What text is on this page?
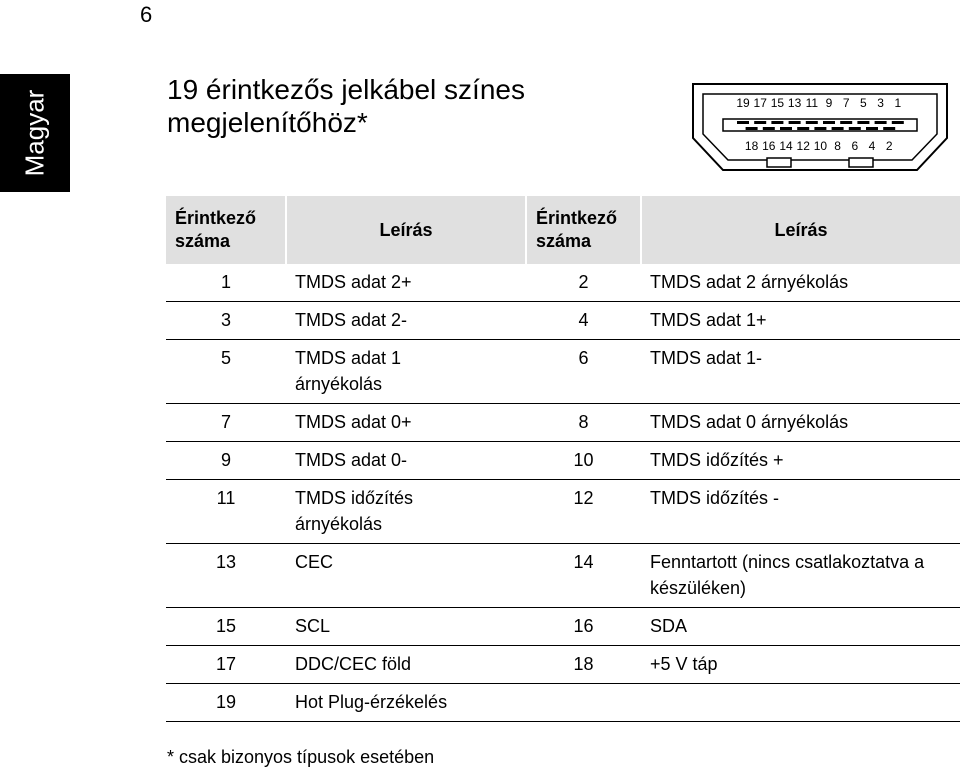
6
Magyar
19 érintkezős jelkábel színes megjelenítőhöz*
19 17 15 13 11 9 7 5 3 1
18 16 14 12 10 8 6 4 2
Érintkező száma	Leírás	Érintkező száma	Leírás
1	TMDS adat 2+	2	TMDS adat 2 árnyékolás
3	TMDS adat 2-	4	TMDS adat 1+
5	TMDS adat 1 árnyékolás	6	TMDS adat 1-
7	TMDS adat 0+	8	TMDS adat 0 árnyékolás
9	TMDS adat 0-	10	TMDS időzítés +
11	TMDS időzítés árnyékolás	12	TMDS időzítés -
13	CEC	14	Fenntartott (nincs csatlakoztatva a készüléken)
15	SCL	16	SDA
17	DDC/CEC föld	18	+5 V táp
19	Hot Plug-érzékelés		
* csak bizonyos típusok esetében
